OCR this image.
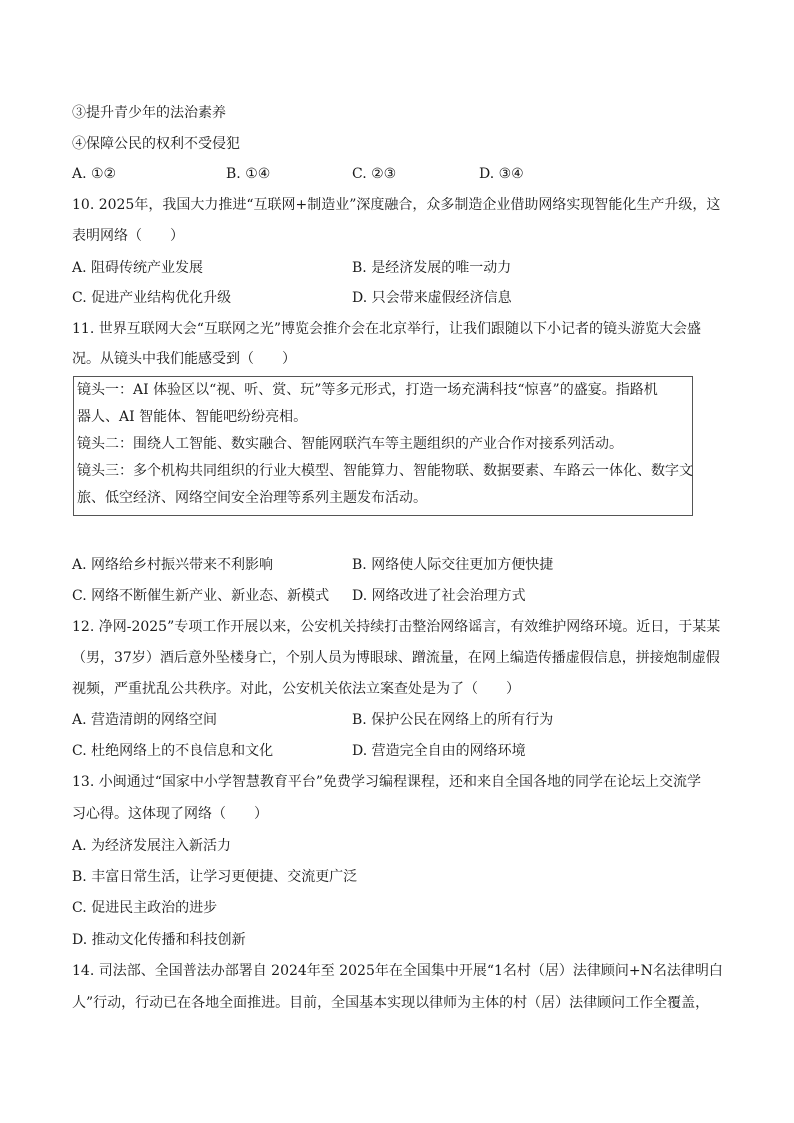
③提升青少年的法治素养
④保障公民的权利不受侵犯
A. ①②	B. ①④	C. ②③	D. ③④
10. 2025年，我国大力推进“互联网+制造业”深度融合，众多制造企业借助网络实现智能化生产升级，这
表明网络（　　）
A. 阻碍传统产业发展	B. 是经济发展的唯一动力
C. 促进产业结构优化升级	D. 只会带来虚假经济信息
11. 世界互联网大会“互联网之光”博览会推介会在北京举行，让我们跟随以下小记者的镜头游览大会盛
况。从镜头中我们能感受到（　　）
镜头一：AI 体验区以“视、听、赏、玩”等多元形式，打造一场充满科技“惊喜”的盛宴。指路机
器人、AI 智能体、智能吧纷纷亮相。
镜头二：围绕人工智能、数实融合、智能网联汽车等主题组织的产业合作对接系列活动。
镜头三：多个机构共同组织的行业大模型、智能算力、智能物联、数据要素、车路云一体化、数字文
旅、低空经济、网络空间安全治理等系列主题发布活动。
A. 网络给乡村振兴带来不利影响	B. 网络使人际交往更加方便快捷
C. 网络不断催生新产业、新业态、新模式 D. 网络改进了社会治理方式
12. 净网-2025”专项工作开展以来，公安机关持续打击整治网络谣言，有效维护网络环境。近日，于某某
（男，37岁）酒后意外坠楼身亡，个别人员为博眼球、蹭流量，在网上编造传播虚假信息，拼接炮制虚假
视频，严重扰乱公共秩序。对此，公安机关依法立案查处是为了（　　）
A. 营造清朗的网络空间	B. 保护公民在网络上的所有行为
C. 杜绝网络上的不良信息和文化	D. 营造完全自由的网络环境
13. 小闽通过“国家中小学智慧教育平台”免费学习编程课程，还和来自全国各地的同学在论坛上交流学
习心得。这体现了网络（　　）
A. 为经济发展注入新活力
B. 丰富日常生活，让学习更便捷、交流更广泛
C. 促进民主政治的进步
D. 推动文化传播和科技创新
14. 司法部、全国普法办部署自 2024年至 2025年在全国集中开展“1名村（居）法律顾问+N名法律明白
人”行动，行动已在各地全面推进。目前，全国基本实现以律师为主体的村（居）法律顾问工作全覆盖，
